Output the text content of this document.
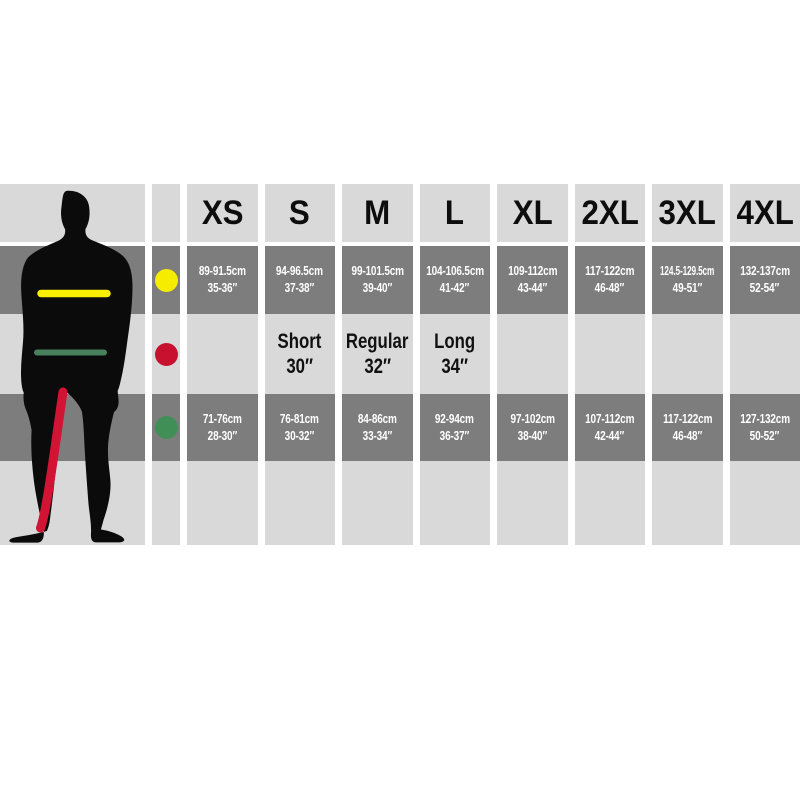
XS S M L XL 2XL 3XL 4XL
89-91.5cm
35-36″
94-96.5cm
37-38″
99-101.5cm
39-40″
104-106.5cm
41-42″
109-112cm
43-44″
117-122cm
46-48″
124.5-129.5cm
49-51″
132-137cm
52-54″
Short
30″
Regular
32″
Long
34″
71-76cm
28-30″
76-81cm
30-32″
84-86cm
33-34″
92-94cm
36-37″
97-102cm
38-40″
107-112cm
42-44″
117-122cm
46-48″
127-132cm
50-52″
